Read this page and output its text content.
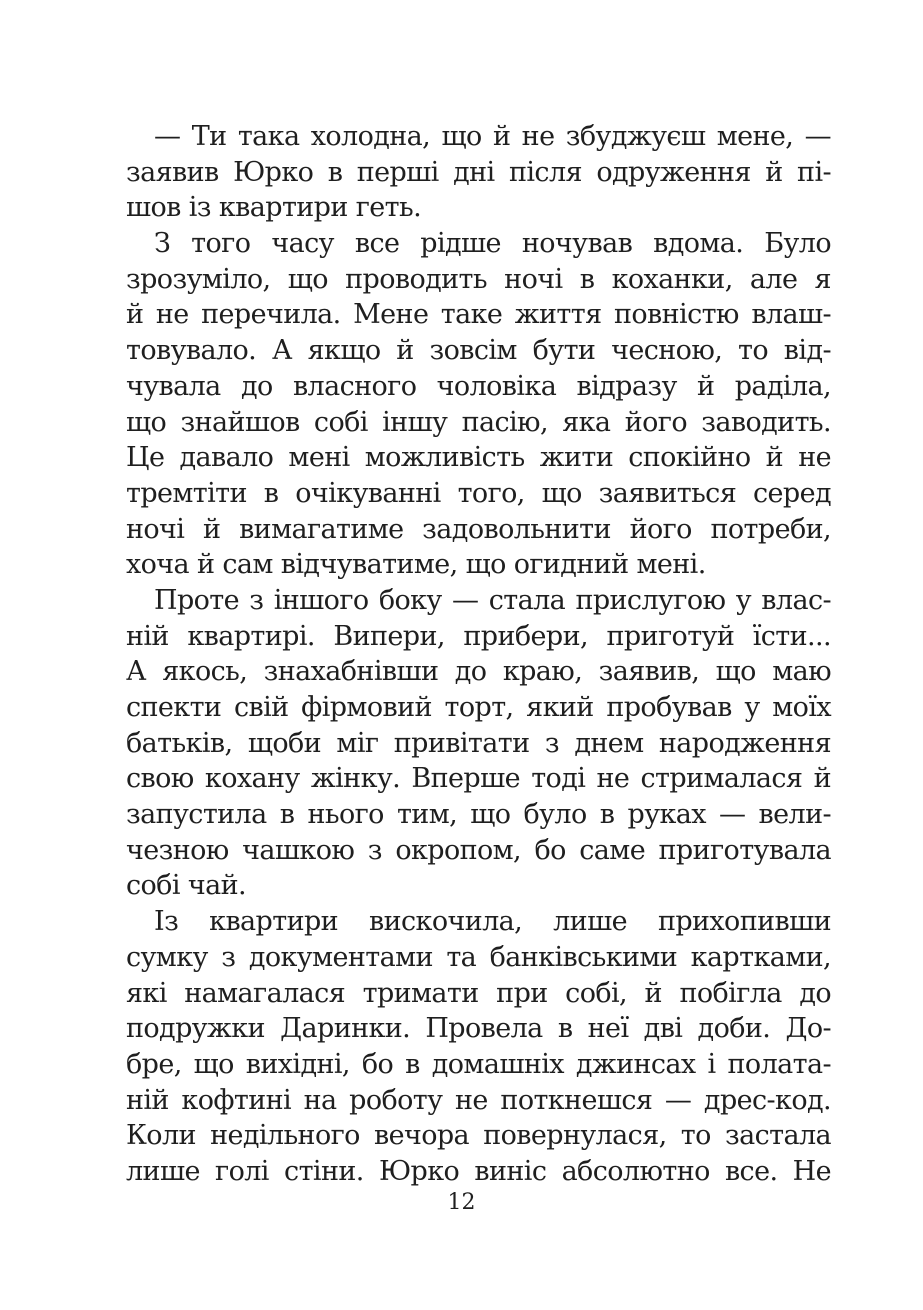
— Ти така холодна, що й не збуджуєш мене, —
заявив Юрко в перші дні після одруження й пі-
шов із квартири геть.
З того часу все рідше ночував вдома. Було
зрозуміло, що проводить ночі в коханки, але я
й не перечила. Мене таке життя повністю влаш-
товувало. А якщо й зовсім бути чесною, то від-
чувала до власного чоловіка відразу й раділа,
що знайшов собі іншу пасію, яка його заводить.
Це давало мені можливість жити спокійно й не
тремтіти в очікуванні того, що заявиться серед
ночі й вимагатиме задовольнити його потреби,
хоча й сам відчуватиме, що огидний мені.
Проте з іншого боку — стала прислугою у влас-
ній квартирі. Випери, прибери, приготуй їсти...
А якось, знахабнівши до краю, заявив, що маю
спекти свій фірмовий торт, який пробував у моїх
батьків, щоби міг привітати з днем народження
свою кохану жінку. Вперше тоді не стрималася й
запустила в нього тим, що було в руках — вели-
чезною чашкою з окропом, бо саме приготувала
собі чай.
Із квартири вискочила, лише прихопивши
сумку з документами та банківськими картками,
які намагалася тримати при собі, й побігла до
подружки Даринки. Провела в неї дві доби. До-
бре, що вихідні, бо в домашніх джинсах і полата-
ній кофтині на роботу не поткнешся — дрес-код.
Коли недільного вечора повернулася, то застала
лише голі стіни. Юрко виніс абсолютно все. Не
12
